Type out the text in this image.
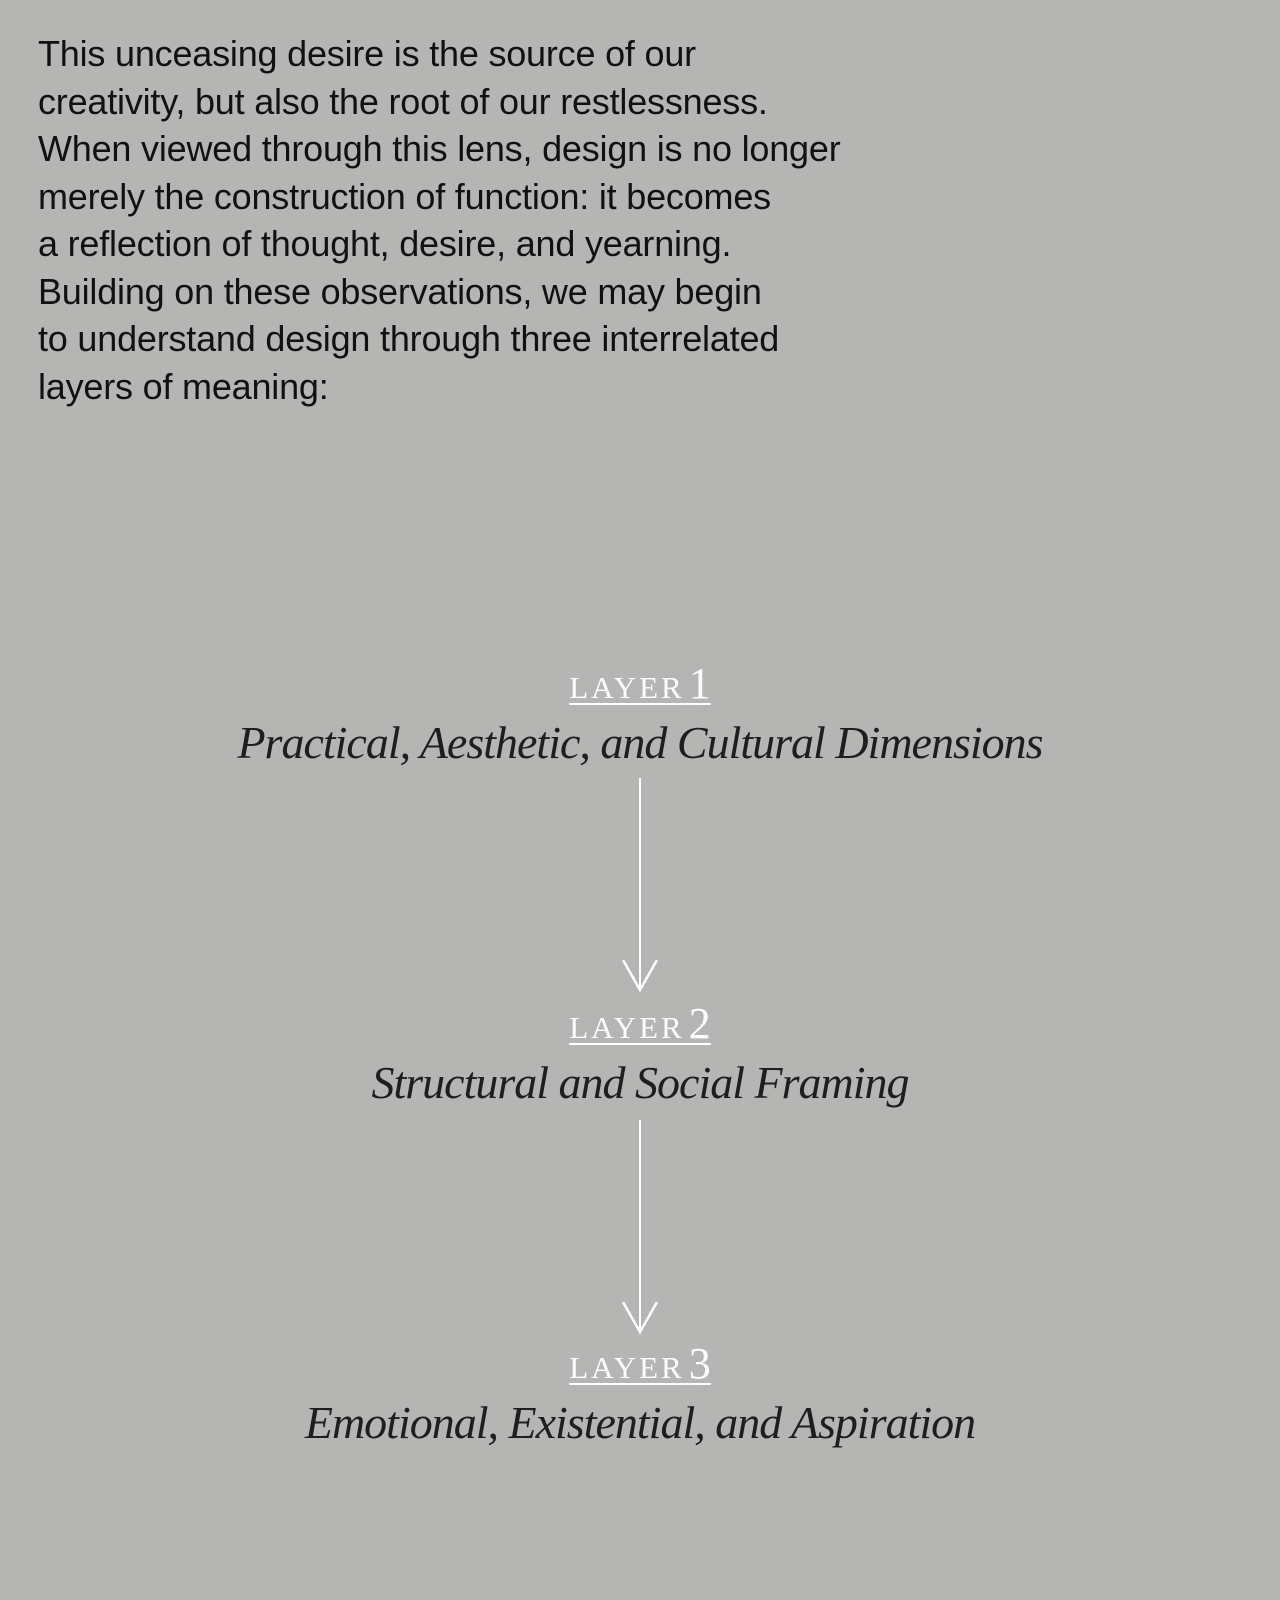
This unceasing desire is the source of our
creativity, but also the root of our restlessness.
When viewed through this lens, design is no longer
merely the construction of function: it becomes
a reflection of thought, desire, and yearning.
Building on these observations, we may begin
to understand design through three interrelated
layers of meaning:
layer 1
Practical, Aesthetic, and Cultural Dimensions
layer 2
Structural and Social Framing
layer 3
Emotional, Existential, and Aspiration
